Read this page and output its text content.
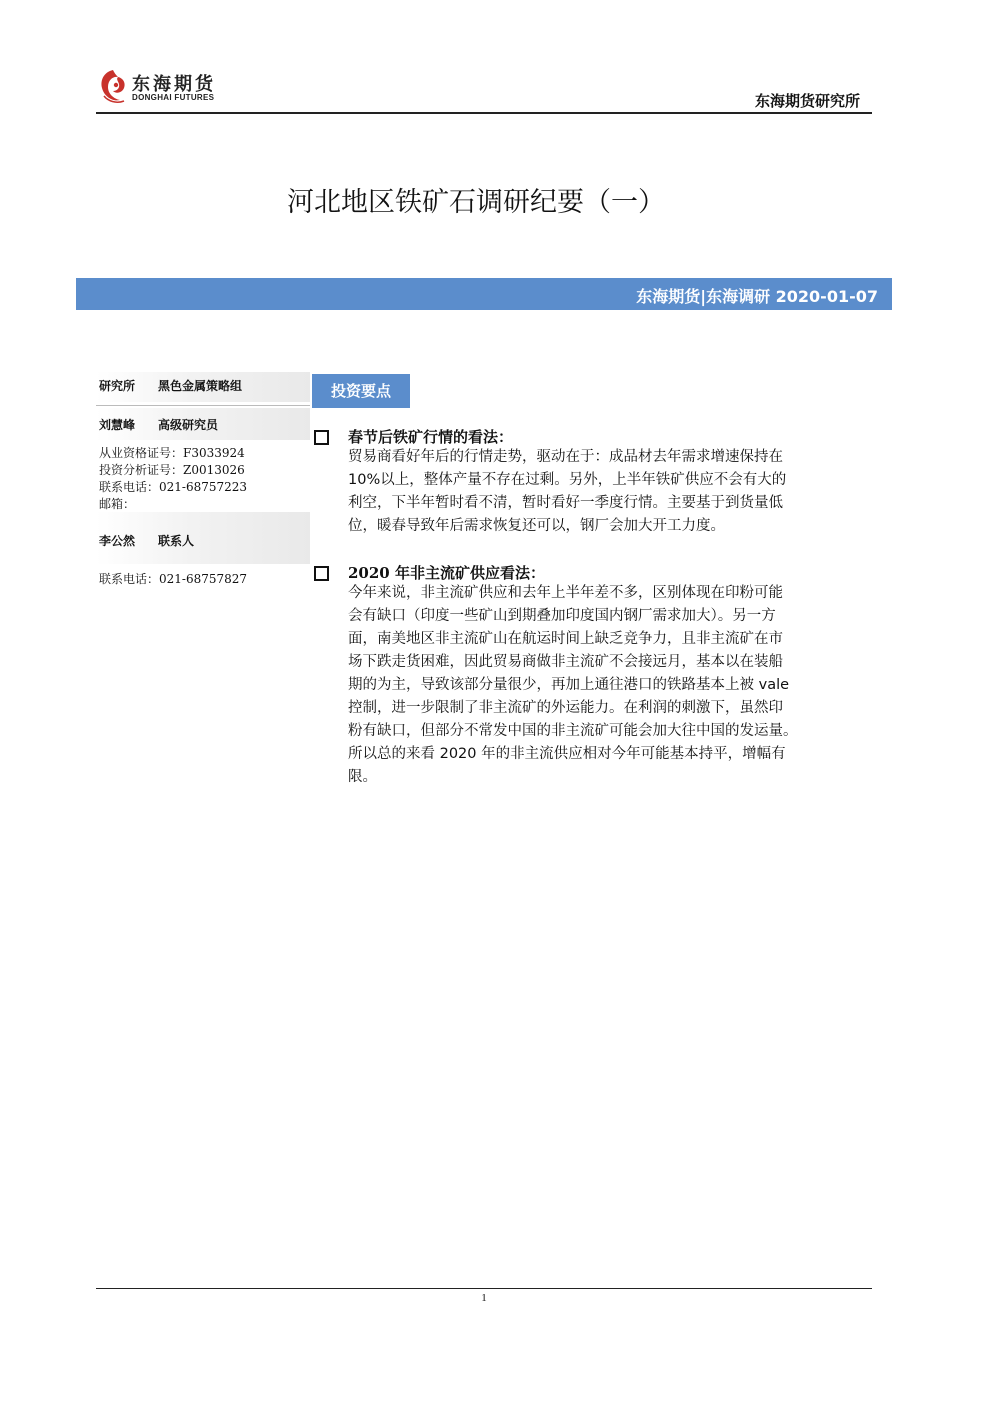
东海期货
DONGHAI FUTURES	东海期货研究所
河北地区铁矿石调研纪要（一）
东海期货|东海调研 2020-01-07
研究所 黑色金属策略组
刘慧峰 高级研究员
从业资格证号：F3033924
投资分析证号：Z0013026
联系电话：021-68757223
邮箱：
李公然 联系人
联系电话：021-68757827
投资要点
春节后铁矿行情的看法：
贸易商看好年后的行情走势，驱动在于：成品材去年需求增速保持在
10%以上，整体产量不存在过剩。另外，上半年铁矿供应不会有大的
利空，下半年暂时看不清，暂时看好一季度行情。主要基于到货量低
位，暖春导致年后需求恢复还可以，钢厂会加大开工力度。
2020 年非主流矿供应看法：
今年来说，非主流矿供应和去年上半年差不多，区别体现在印粉可能
会有缺口（印度一些矿山到期叠加印度国内钢厂需求加大）。另一方
面，南美地区非主流矿山在航运时间上缺乏竞争力，且非主流矿在市
场下跌走货困难，因此贸易商做非主流矿不会接远月，基本以在装船
期的为主，导致该部分量很少，再加上通往港口的铁路基本上被 vale
控制，进一步限制了非主流矿的外运能力。在利润的刺激下，虽然印
粉有缺口，但部分不常发中国的非主流矿可能会加大往中国的发运量。
所以总的来看 2020 年的非主流供应相对今年可能基本持平，增幅有
限。
1
